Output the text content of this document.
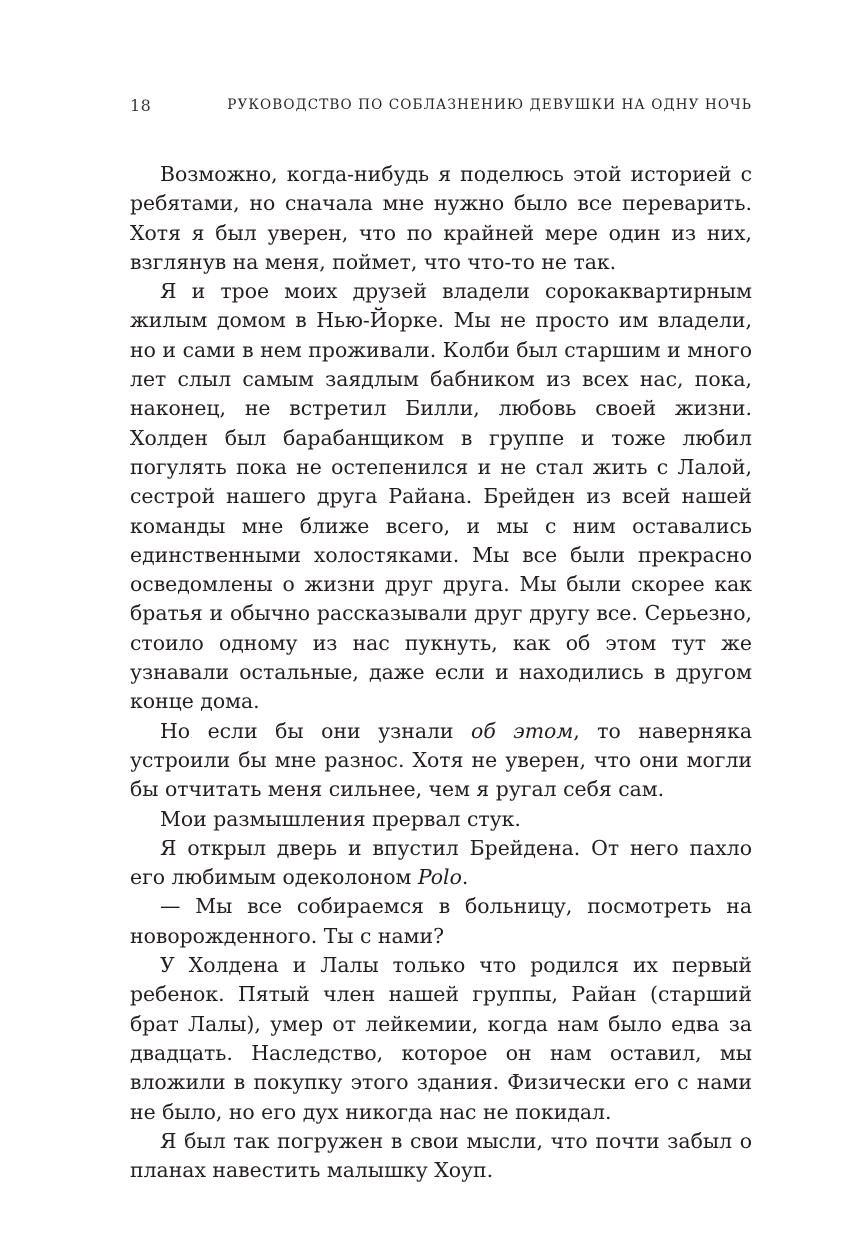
18	РУКОВОДСТВО ПО СОБЛАЗНЕНИЮ ДЕВУШКИ НА ОДНУ НОЧЬ

Возможно, когда-нибудь я поделюсь этой историей с ребятами, но сначала мне нужно было все переварить. Хотя я был уверен, что по крайней мере один из них, взглянув на меня, поймет, что что-то не так.

Я и трое моих друзей владели сорокаквартирным жилым домом в Нью-Йорке. Мы не просто им владели, но и сами в нем проживали. Колби был старшим и много лет слыл самым заядлым бабником из всех нас, пока, наконец, не встретил Билли, любовь своей жизни. Холден был барабанщиком в группе и тоже любил погулять пока не остепенился и не стал жить с Лалой, сестрой нашего друга Райана. Брейден из всей нашей команды мне ближе всего, и мы с ним оставались единственными холостяками. Мы все были прекрасно осведомлены о жизни друг друга. Мы были скорее как братья и обычно рассказывали друг другу все. Серьезно, стоило одному из нас пукнуть, как об этом тут же узнавали остальные, даже если и находились в другом конце дома.

Но если бы они узнали об этом, то наверняка устроили бы мне разнос. Хотя не уверен, что они могли бы отчитать меня сильнее, чем я ругал себя сам.

Мои размышления прервал стук.

Я открыл дверь и впустил Брейдена. От него пахло его любимым одеколоном Polo.

— Мы все собираемся в больницу, посмотреть на новорожденного. Ты с нами?

У Холдена и Лалы только что родился их первый ребенок. Пятый член нашей группы, Райан (старший брат Лалы), умер от лейкемии, когда нам было едва за двадцать. Наследство, которое он нам оставил, мы вложили в покупку этого здания. Физически его с нами не было, но его дух никогда нас не покидал.

Я был так погружен в свои мысли, что почти забыл о планах навестить малышку Хоуп.
